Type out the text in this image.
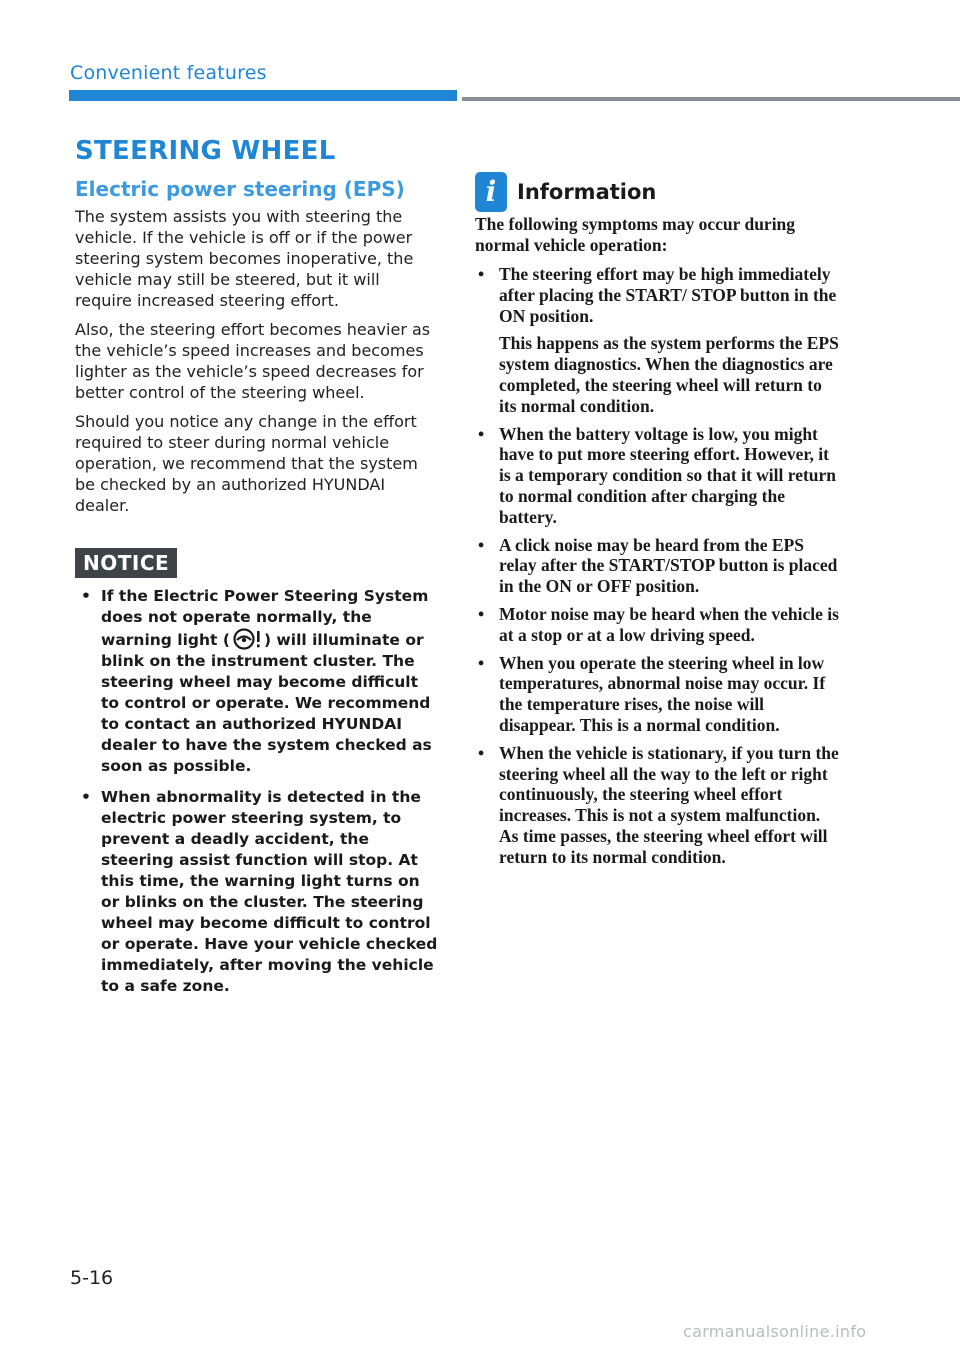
Convenient features
STEERING WHEEL
Electric power steering (EPS)

The system assists you with steering the vehicle. If the vehicle is off or if the power steering system becomes inoperative, the vehicle may still be steered, but it will require increased steering effort.

Also, the steering effort becomes heavier as the vehicle’s speed increases and becomes lighter as the vehicle’s speed decreases for better control of the steering wheel.

Should you notice any change in the effort required to steer during normal vehicle operation, we recommend that the system be checked by an authorized HYUNDAI dealer.

NOTICE
• If the Electric Power Steering System does not operate normally, the warning light ( ) will illuminate or blink on the instrument cluster. The steering wheel may become difficult to control or operate. We recommend to contact an authorized HYUNDAI dealer to have the system checked as soon as possible.
• When abnormality is detected in the electric power steering system, to prevent a deadly accident, the steering assist function will stop. At this time, the warning light turns on or blinks on the cluster. The steering wheel may become difficult to control or operate. Have your vehicle checked immediately, after moving the vehicle to a safe zone.
i Information

The following symptoms may occur during normal vehicle operation:

• The steering effort may be high immediately after placing the START/ STOP button in the ON position.
This happens as the system performs the EPS system diagnostics. When the diagnostics are completed, the steering wheel will return to its normal condition.
• When the battery voltage is low, you might have to put more steering effort. However, it is a temporary condition so that it will return to normal condition after charging the battery.
• A click noise may be heard from the EPS relay after the START/STOP button is placed in the ON or OFF position.
• Motor noise may be heard when the vehicle is at a stop or at a low driving speed.
• When you operate the steering wheel in low temperatures, abnormal noise may occur. If the temperature rises, the noise will disappear. This is a normal condition.
• When the vehicle is stationary, if you turn the steering wheel all the way to the left or right continuously, the steering wheel effort increases. This is not a system malfunction. As time passes, the steering wheel effort will return to its normal condition.
5-16
carmanualsonline.info
